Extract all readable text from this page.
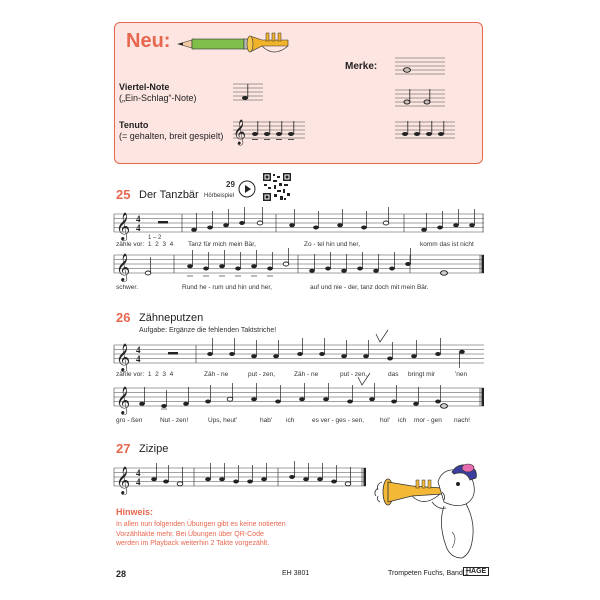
Neu:
Viertel-Note
(„Ein-Schlag“-Note)
Tenuto
(= gehalten, breit gespielt)
Merke:
𝄞
25 Der Tanzbär
29
Hörbeispiel
𝄞 4
4
1 – 2
zähle vor: 1 2 3 4 Tanz für mich mein Bär,	Zo - tel hin und her,	komm das ist nicht
𝄞
schwer.	Rund he - rum und hin und her,	auf und nie - der, tanz doch mit mein Bär.
26 Zähneputzen
Aufgabe: Ergänze die fehlenden Taktstriche!
𝄞 4
4
zähle vor: 1 2 3 4	Zäh - ne	put - zen,	Zäh - ne	put - zen,	das bringt mir	'nen
𝄞
gro - ßen	Nut - zen!	Ups, heut'	hab' ich	es ver - ges - sen, hol' ich mor - gen nach!
27 Zizipe
𝄞 4
4
Hinweis:
In allen nun folgenden Übungen gibt es keine notierten Vorzähltakte mehr. Bei Übungen über QR-Code werden im Playback weiterhin 2 Takte vorgezählt.
28	EH 3801	Trompeten Fuchs, Band 1
HAGE
